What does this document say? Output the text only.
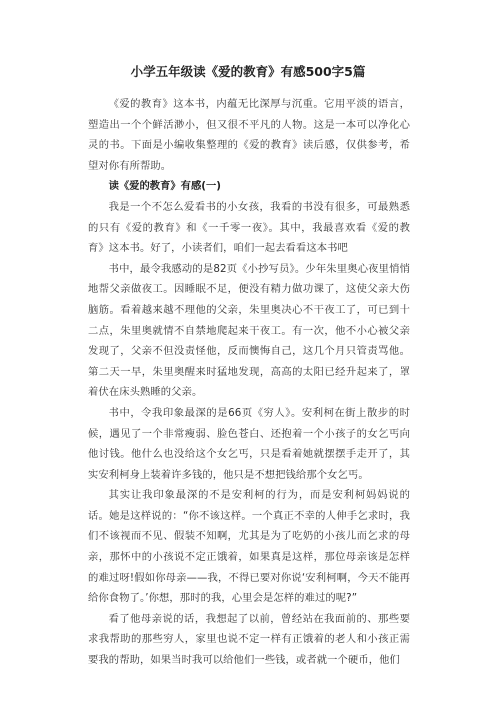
小学五年级读《爱的教育》有感500字5篇

《爱的教育》这本书，内蕴无比深厚与沉重。它用平淡的语言，塑造出一个个鲜活渺小，但又很不平凡的人物。这是一本可以净化心灵的书。下面是小编收集整理的《爱的教育》读后感，仅供参考，希望对你有所帮助。

读《爱的教育》有感(一)

我是一个不怎么爱看书的小女孩，我看的书没有很多，可最熟悉的只有《爱的教育》和《一千零一夜》。其中，我最喜欢看《爱的教育》这本书。好了，小读者们，咱们一起去看看这本书吧

书中，最令我感动的是82页《小抄写员》。少年朱里奥心夜里悄悄地帮父亲做夜工。因睡眠不足，便没有精力做功课了，这使父亲大伤脑筋。看着越来越不理他的父亲，朱里奥决心不干夜工了，可已到十二点，朱里奥就情不自禁地爬起来干夜工。有一次，他不小心被父亲发现了，父亲不但没责怪他，反而懊悔自己，这几个月只管责骂他。第二天一早，朱里奥醒来时猛地发现，高高的太阳已经升起来了，罩着伏在床头熟睡的父亲。

书中，令我印象最深的是66页《穷人》。安利柯在街上散步的时候，遇见了一个非常瘦弱、脸色苍白、还抱着一个小孩子的女乞丐向他讨钱。他什么也没给这个女乞丐，只是看着她就摆摆手走开了，其实安利柯身上装着许多钱的，他只是不想把钱给那个女乞丐。

其实让我印象最深的不是安利柯的行为，而是安利柯妈妈说的话。她是这样说的：“你不该这样。一个真正不幸的人伸手乞求时，我们不该视而不见、假装不知啊，尤其是为了吃奶的小孩儿而乞求的母亲，那怀中的小孩说不定正饿着，如果真是这样，那位母亲该是怎样的难过呀!假如你母亲——我，不得已要对你说‘安利柯啊，今天不能再给你食物了。’你想，那时的我，心里会是怎样的难过的呢?”

看了他母亲说的话，我想起了以前，曾经站在我面前的、那些要求我帮助的那些穷人，家里也说不定一样有正饿着的老人和小孩正需要我的帮助，如果当时我可以给他们一些钱，或者就一个硬币，他们
